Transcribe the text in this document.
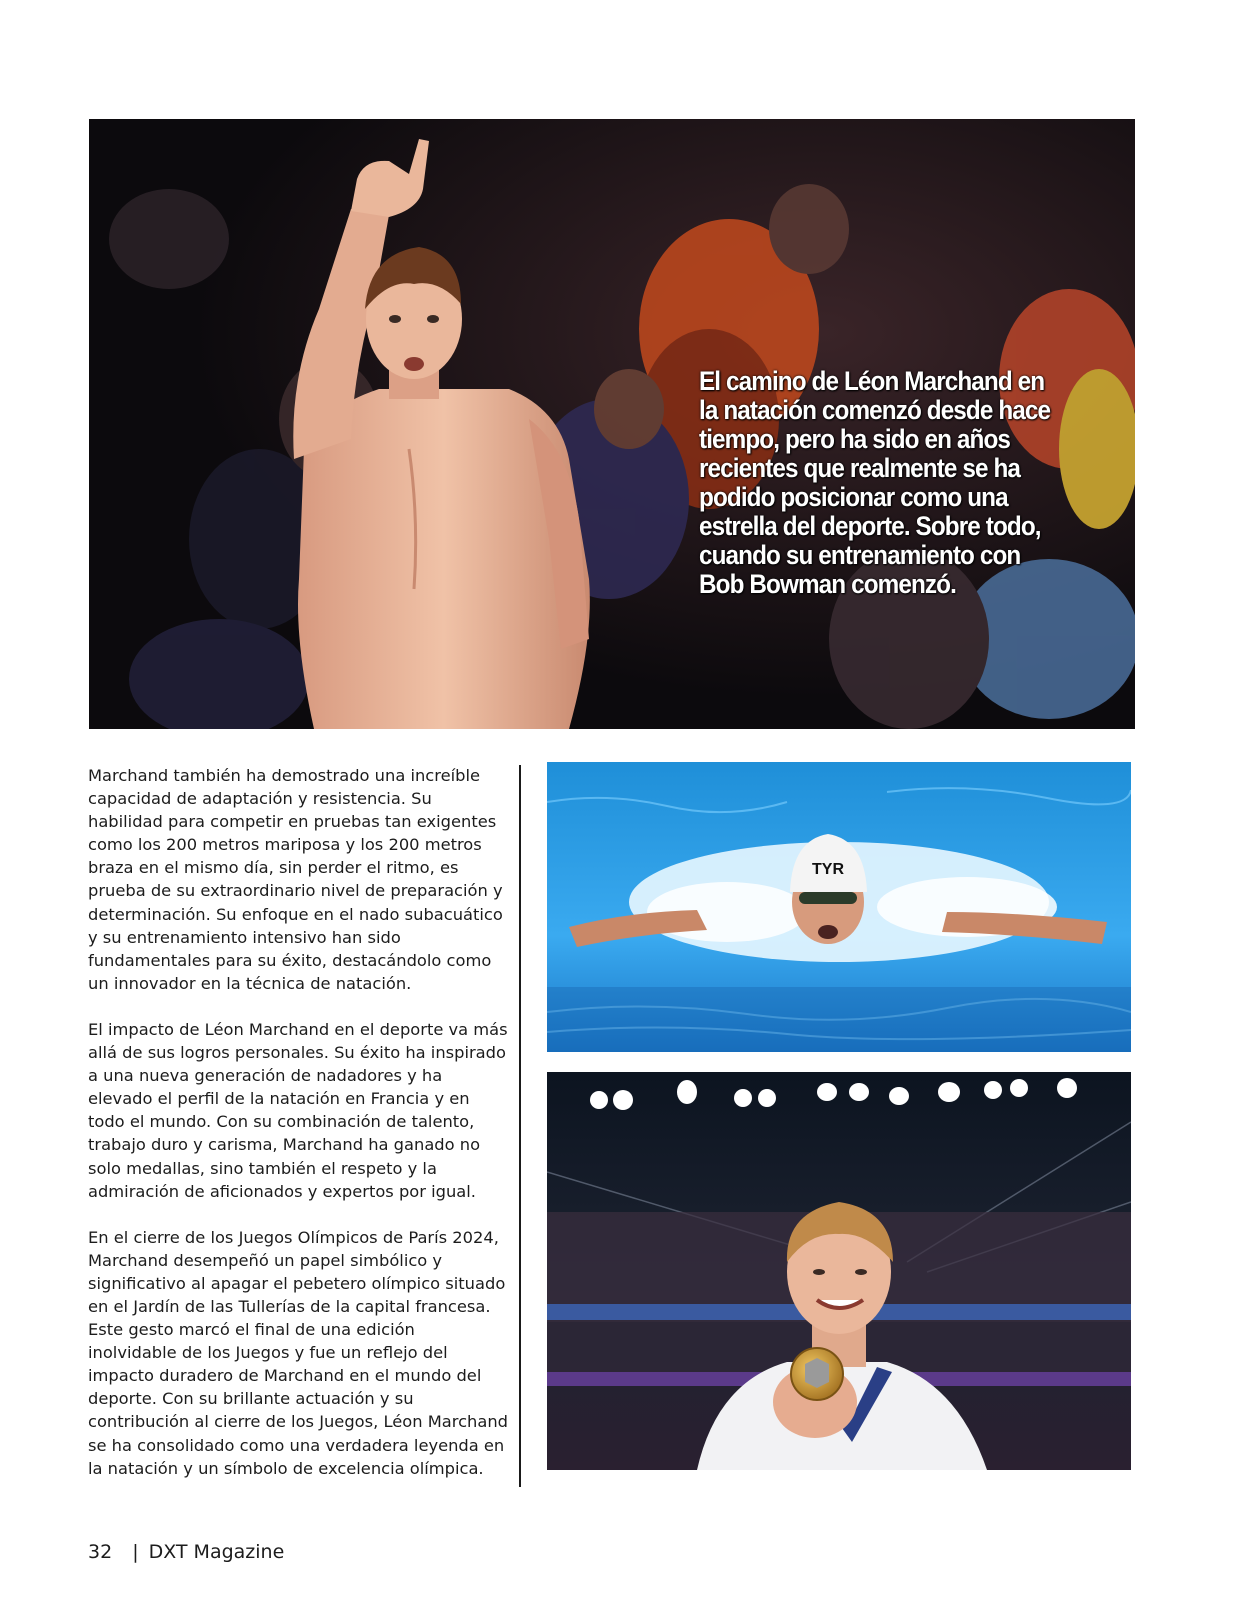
El camino de Léon Marchand en la natación comenzó desde hace tiempo, pero ha sido en años recientes que realmente se ha podido posicionar como una estrella del deporte. Sobre todo, cuando su entrenamiento con Bob Bowman comenzó.

Marchand también ha demostrado una increíble capacidad de adaptación y resistencia. Su habilidad para competir en pruebas tan exigentes como los 200 metros mariposa y los 200 metros braza en el mismo día, sin perder el ritmo, es prueba de su extraordinario nivel de preparación y determinación. Su enfoque en el nado subacuático y su entrenamiento intensivo han sido fundamentales para su éxito, destacándolo como un innovador en la técnica de natación.

El impacto de Léon Marchand en el deporte va más allá de sus logros personales. Su éxito ha inspirado a una nueva generación de nadadores y ha elevado el perfil de la natación en Francia y en todo el mundo. Con su combinación de talento, trabajo duro y carisma, Marchand ha ganado no solo medallas, sino también el respeto y la admiración de aficionados y expertos por igual.

En el cierre de los Juegos Olímpicos de París 2024, Marchand desempeñó un papel simbólico y significativo al apagar el pebetero olímpico situado en el Jardín de las Tullerías de la capital francesa. Este gesto marcó el final de una edición inolvidable de los Juegos y fue un reflejo del impacto duradero de Marchand en el mundo del deporte. Con su brillante actuación y su contribución al cierre de los Juegos, Léon Marchand se ha consolidado como una verdadera leyenda en la natación y un símbolo de excelencia olímpica.

TYR
32 | DXT Magazine
